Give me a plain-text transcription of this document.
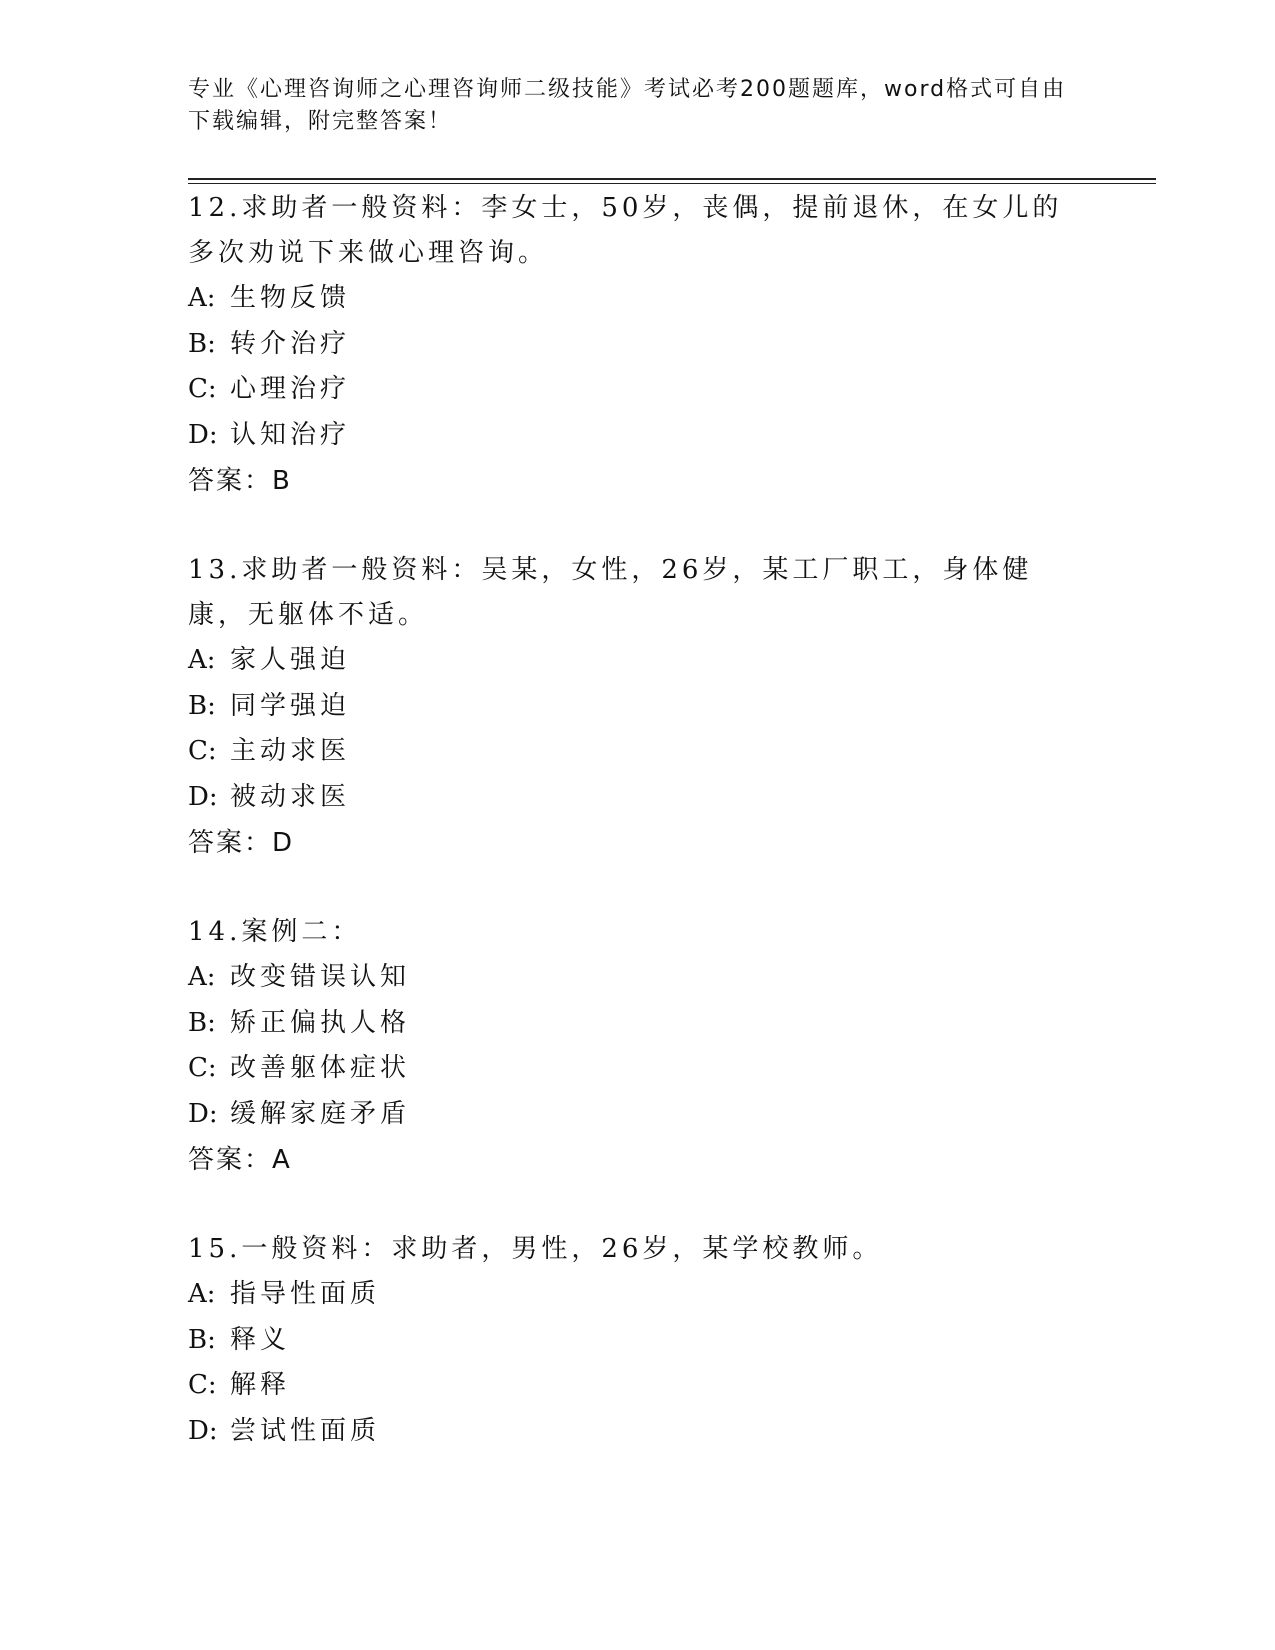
专业《心理咨询师之心理咨询师二级技能》考试必考200题题库，word格式可自由下载编辑，附完整答案！

12.求助者一般资料：李女士，50岁，丧偶，提前退休，在女儿的多次劝说下来做心理咨询。

A: 生物反馈

B: 转介治疗

C: 心理治疗

D: 认知治疗

答案：B

13.求助者一般资料：吴某，女性，26岁，某工厂职工，身体健康，无躯体不适。

A: 家人强迫

B: 同学强迫

C: 主动求医

D: 被动求医

答案：D

14.案例二：

A: 改变错误认知

B: 矫正偏执人格

C: 改善躯体症状

D: 缓解家庭矛盾

答案：A

15.一般资料：求助者，男性，26岁，某学校教师。

A: 指导性面质

B: 释义

C: 解释

D: 尝试性面质
